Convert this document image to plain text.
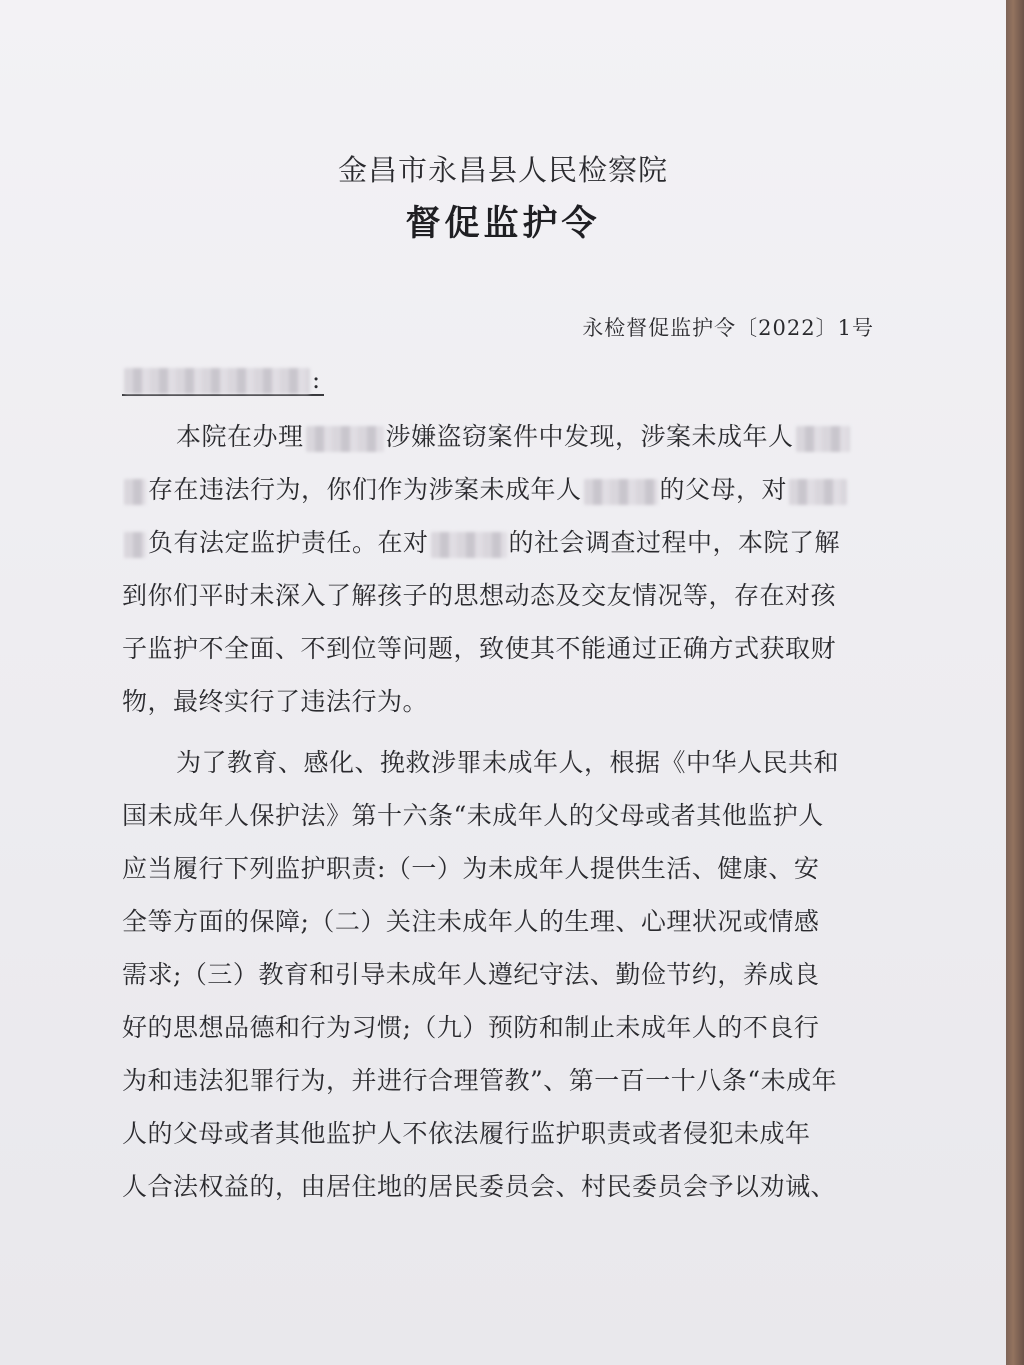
金昌市永昌县人民检察院
督促监护令
永检督促监护令〔2022〕1号
:
本院在办理	涉嫌盗窃案件中发现，涉案未成年人
存在违法行为，你们作为涉案未成年人	的父母，对
负有法定监护责任。在对	的社会调查过程中，本院了解
到你们平时未深入了解孩子的思想动态及交友情况等，存在对孩
子监护不全面、不到位等问题，致使其不能通过正确方式获取财
物，最终实行了违法行为。
为了教育、感化、挽救涉罪未成年人，根据《中华人民共和
国未成年人保护法》第十六条“未成年人的父母或者其他监护人
应当履行下列监护职责:（一）为未成年人提供生活、健康、安
全等方面的保障;（二）关注未成年人的生理、心理状况或情感
需求;（三）教育和引导未成年人遵纪守法、勤俭节约，养成良
好的思想品德和行为习惯;（九）预防和制止未成年人的不良行
为和违法犯罪行为，并进行合理管教”、第一百一十八条“未成年
人的父母或者其他监护人不依法履行监护职责或者侵犯未成年
人合法权益的，由居住地的居民委员会、村民委员会予以劝诫、
